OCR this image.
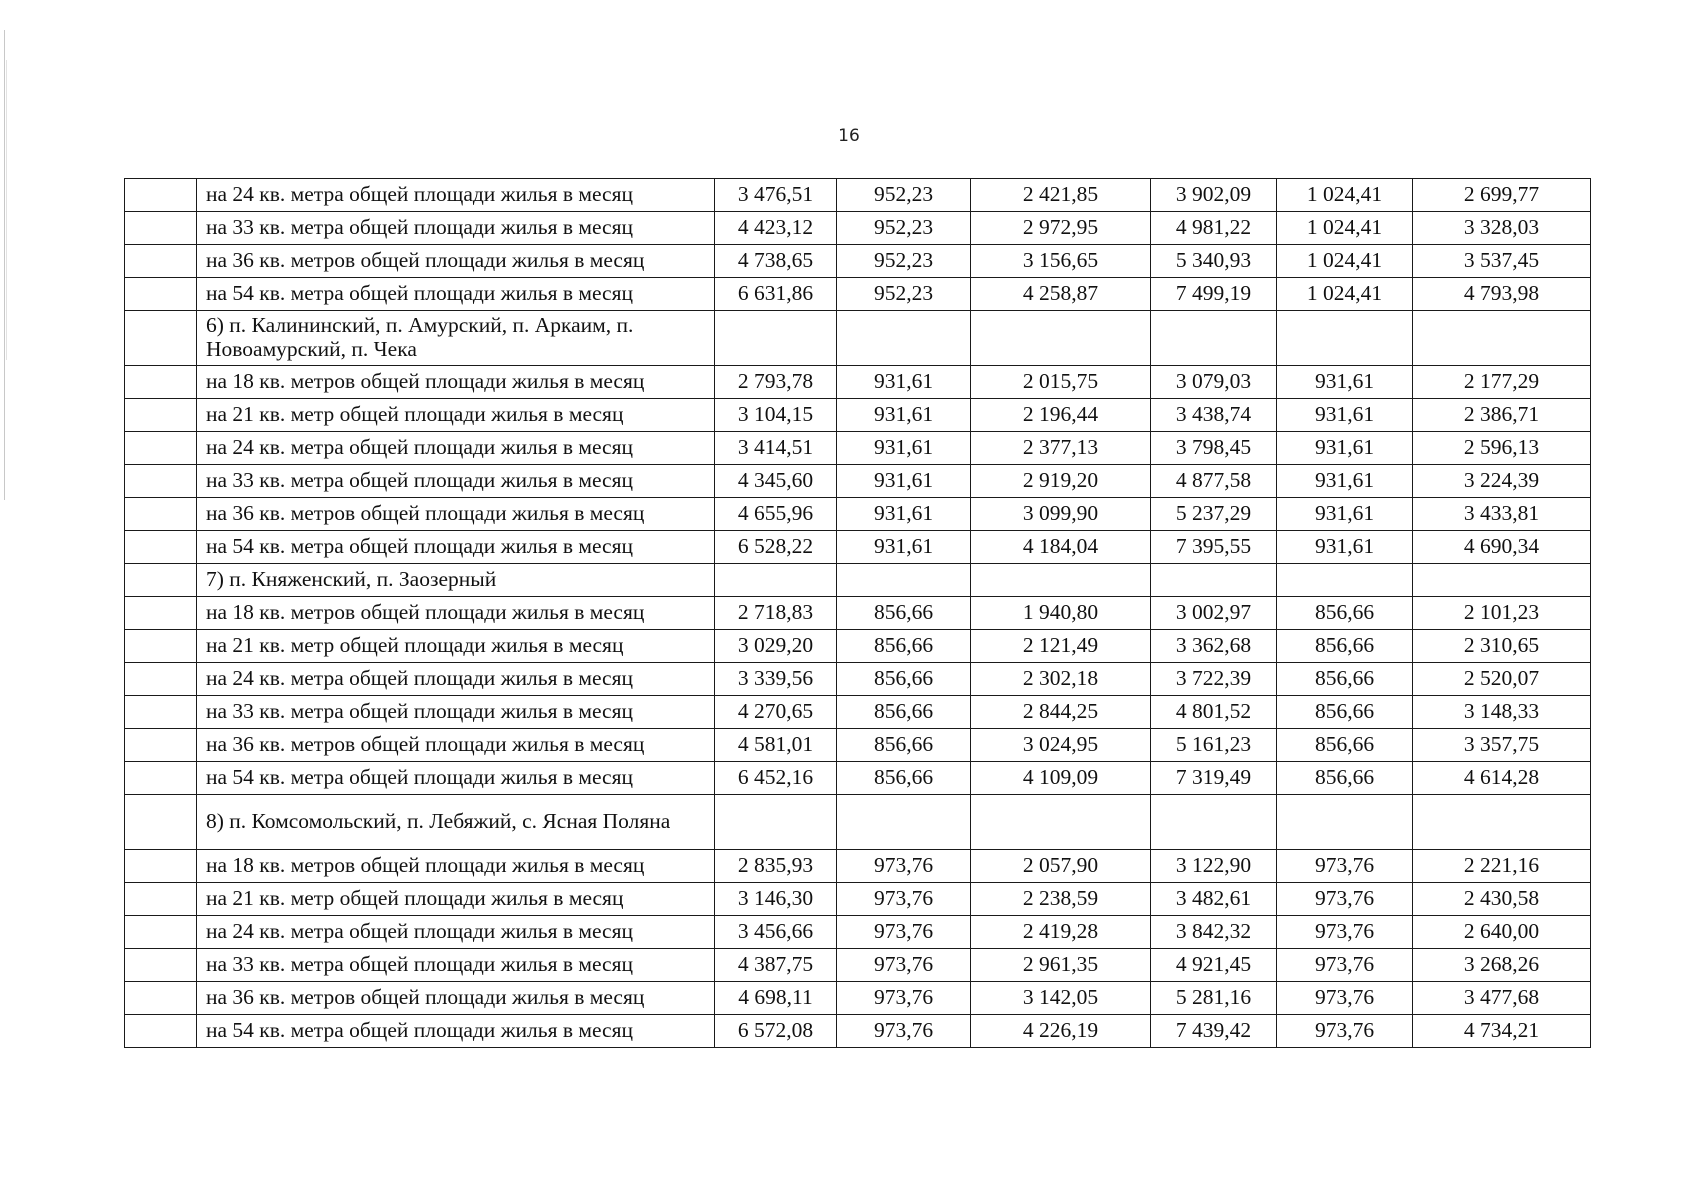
16
	на 24 кв. метра общей площади жилья в месяц	3 476,51	952,23	2 421,85	3 902,09	1 024,41	2 699,77
	на 33 кв. метра общей площади жилья в месяц	4 423,12	952,23	2 972,95	4 981,22	1 024,41	3 328,03
	на 36 кв. метров общей площади жилья в месяц	4 738,65	952,23	3 156,65	5 340,93	1 024,41	3 537,45
	на 54 кв. метра общей площади жилья в месяц	6 631,86	952,23	4 258,87	7 499,19	1 024,41	4 793,98
	6) п. Калининский, п. Амурский, п. Аркаим, п. Новоамурский, п. Чека						
	на 18 кв. метров общей площади жилья в месяц	2 793,78	931,61	2 015,75	3 079,03	931,61	2 177,29
	на 21 кв. метр общей площади жилья в месяц	3 104,15	931,61	2 196,44	3 438,74	931,61	2 386,71
	на 24 кв. метра общей площади жилья в месяц	3 414,51	931,61	2 377,13	3 798,45	931,61	2 596,13
	на 33 кв. метра общей площади жилья в месяц	4 345,60	931,61	2 919,20	4 877,58	931,61	3 224,39
	на 36 кв. метров общей площади жилья в месяц	4 655,96	931,61	3 099,90	5 237,29	931,61	3 433,81
	на 54 кв. метра общей площади жилья в месяц	6 528,22	931,61	4 184,04	7 395,55	931,61	4 690,34
	7) п. Княженский, п. Заозерный						
	на 18 кв. метров общей площади жилья в месяц	2 718,83	856,66	1 940,80	3 002,97	856,66	2 101,23
	на 21 кв. метр общей площади жилья в месяц	3 029,20	856,66	2 121,49	3 362,68	856,66	2 310,65
	на 24 кв. метра общей площади жилья в месяц	3 339,56	856,66	2 302,18	3 722,39	856,66	2 520,07
	на 33 кв. метра общей площади жилья в месяц	4 270,65	856,66	2 844,25	4 801,52	856,66	3 148,33
	на 36 кв. метров общей площади жилья в месяц	4 581,01	856,66	3 024,95	5 161,23	856,66	3 357,75
	на 54 кв. метра общей площади жилья в месяц	6 452,16	856,66	4 109,09	7 319,49	856,66	4 614,28
	8) п. Комсомольский, п. Лебяжий, с. Ясная Поляна						
	на 18 кв. метров общей площади жилья в месяц	2 835,93	973,76	2 057,90	3 122,90	973,76	2 221,16
	на 21 кв. метр общей площади жилья в месяц	3 146,30	973,76	2 238,59	3 482,61	973,76	2 430,58
	на 24 кв. метра общей площади жилья в месяц	3 456,66	973,76	2 419,28	3 842,32	973,76	2 640,00
	на 33 кв. метра общей площади жилья в месяц	4 387,75	973,76	2 961,35	4 921,45	973,76	3 268,26
	на 36 кв. метров общей площади жилья в месяц	4 698,11	973,76	3 142,05	5 281,16	973,76	3 477,68
	на 54 кв. метра общей площади жилья в месяц	6 572,08	973,76	4 226,19	7 439,42	973,76	4 734,21
